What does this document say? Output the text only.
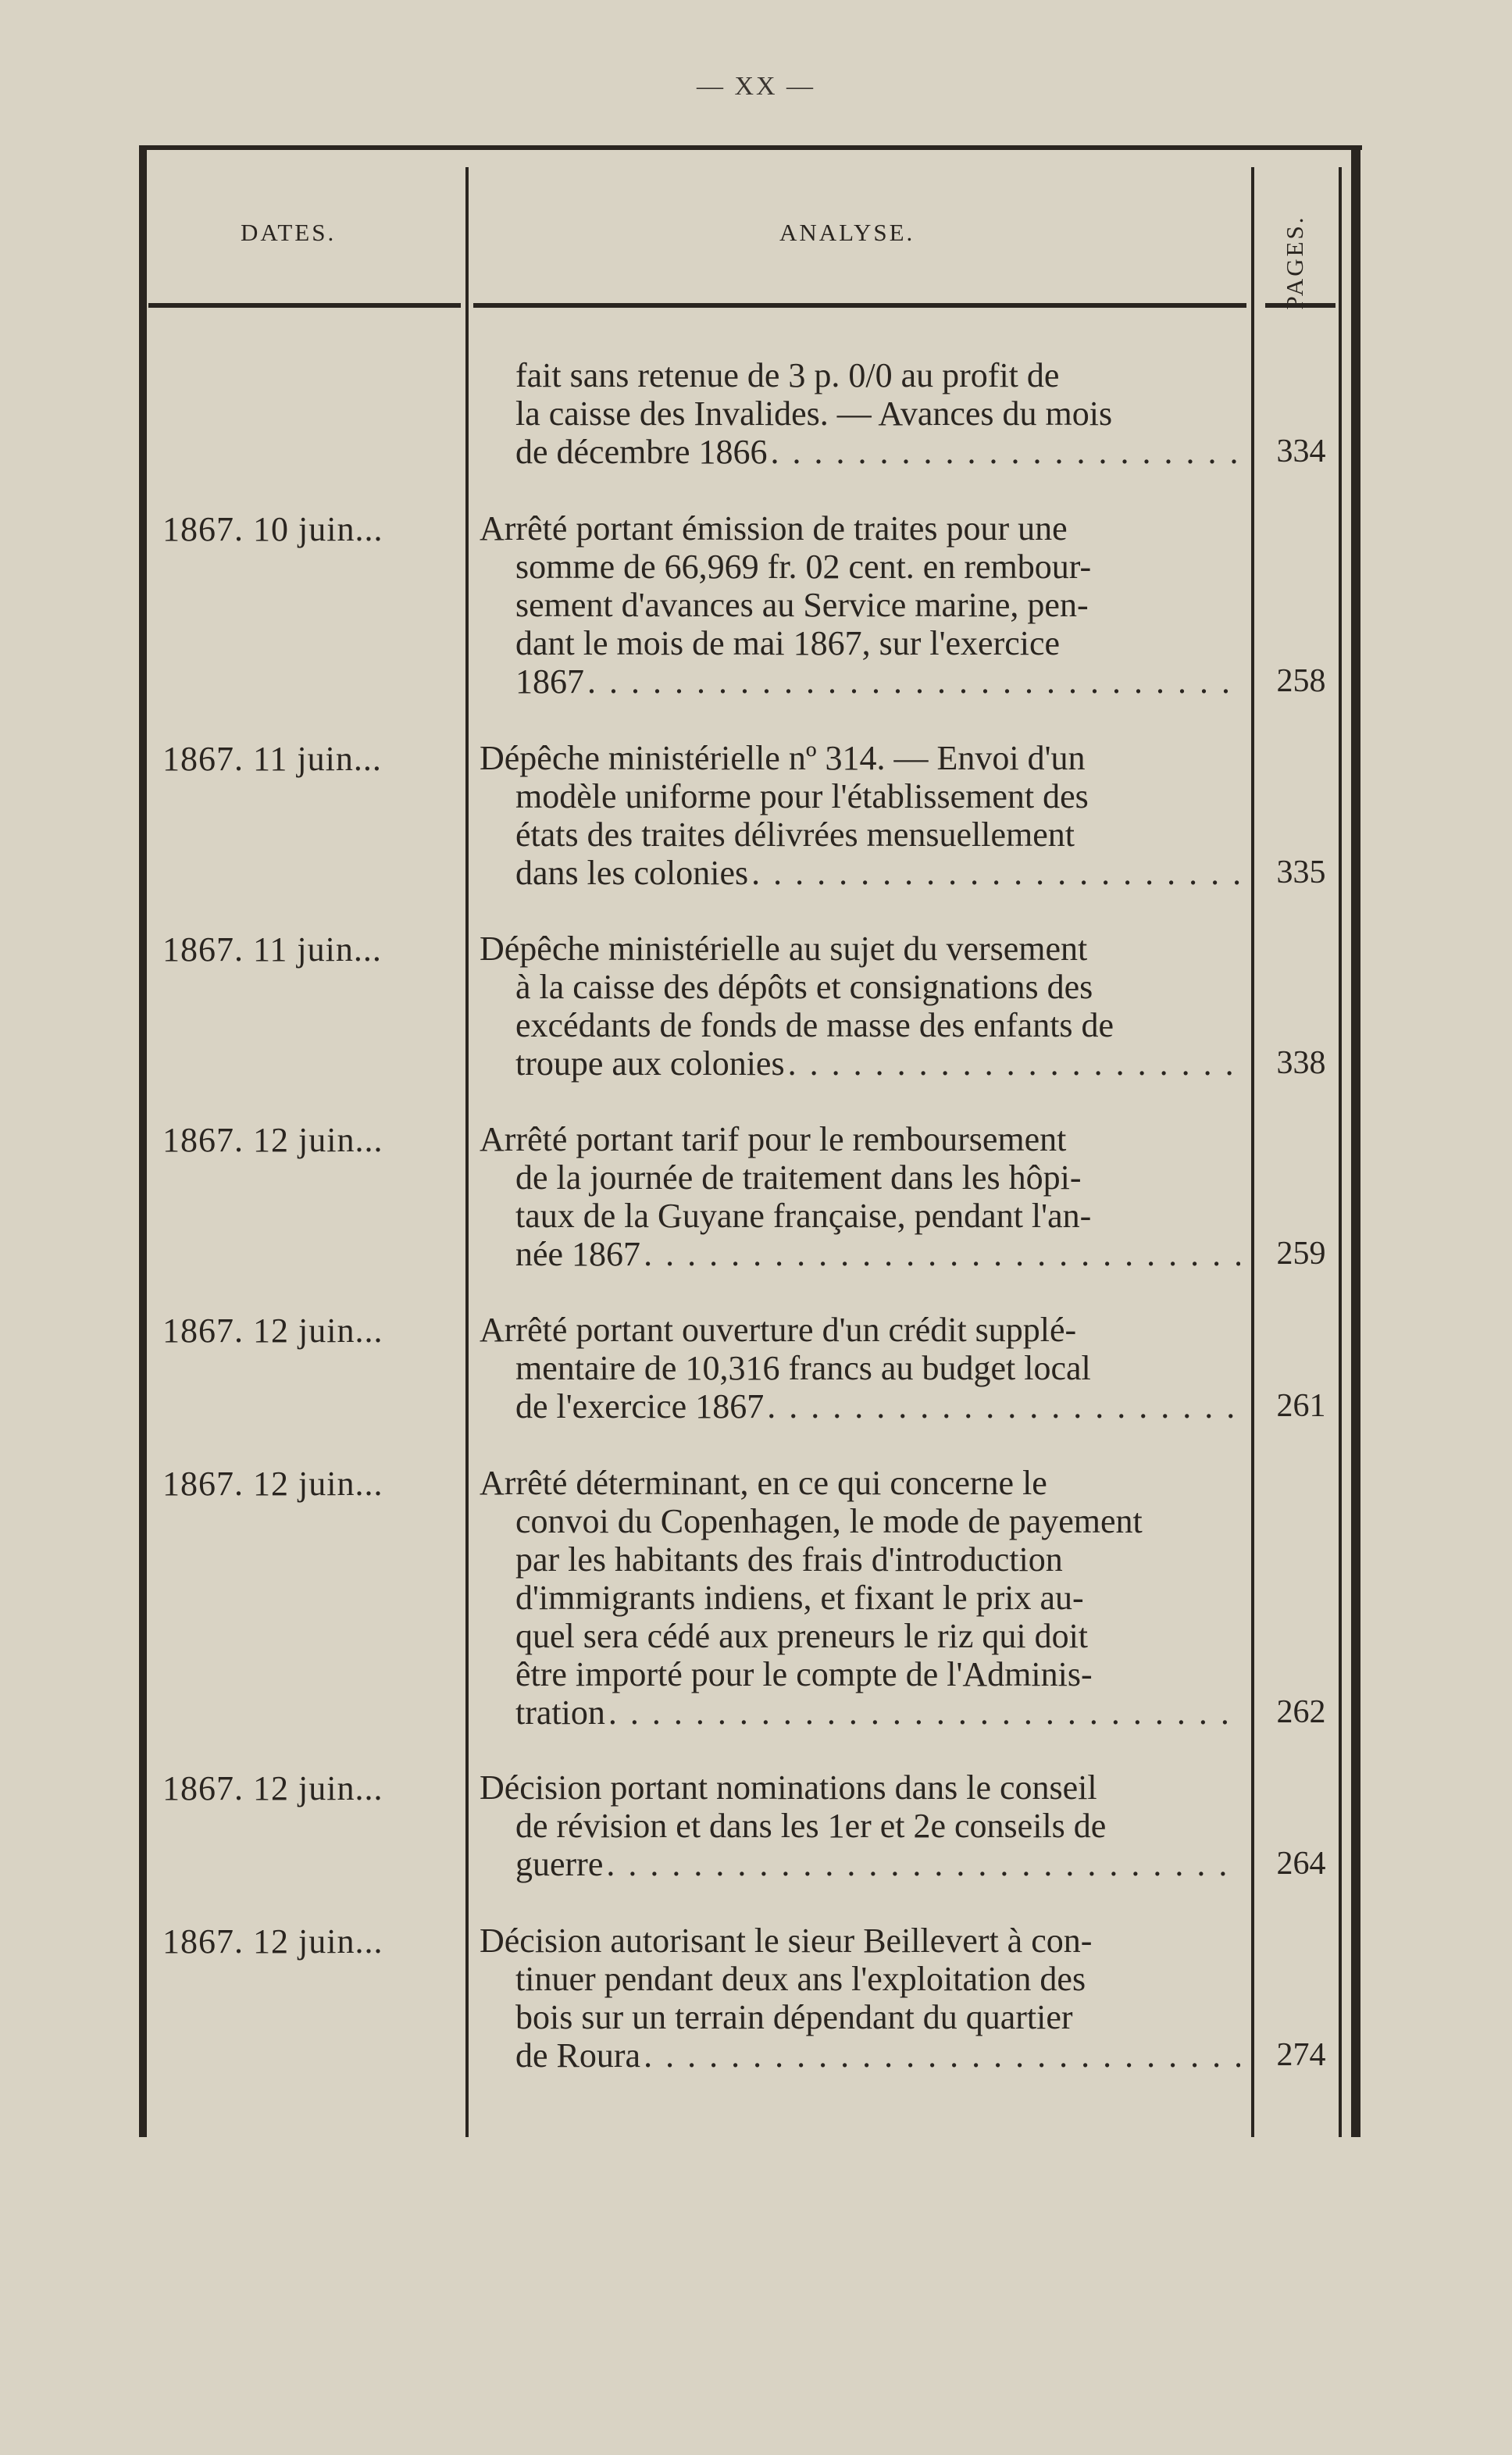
— XX —
DATES.	ANALYSE.	PAGES.
fait sans retenue de 3 p. 0/0 au profit de
la caisse des Invalides. — Avances du mois
de décembre 1866 . . .	334
1867. 10 juin...	Arrêté portant émission de traites pour une
somme de 66,969 fr. 02 cent. en rembour-
sement d'avances au Service marine, pen-
dant le mois de mai 1867, sur l'exercice
1867 . . .	258
1867. 11 juin...	Dépêche ministérielle nº 314. — Envoi d'un
modèle uniforme pour l'établissement des
états des traites délivrées mensuellement
dans les colonies . . .	335
1867. 11 juin...	Dépêche ministérielle au sujet du versement
à la caisse des dépôts et consignations des
excédants de fonds de masse des enfants de
troupe aux colonies . . .	338
1867. 12 juin...	Arrêté portant tarif pour le remboursement
de la journée de traitement dans les hôpi-
taux de la Guyane française, pendant l'an-
née 1867 . . .	259
1867. 12 juin...	Arrêté portant ouverture d'un crédit supplé-
mentaire de 10,316 francs au budget local
de l'exercice 1867 . . .	261
1867. 12 juin...	Arrêté déterminant, en ce qui concerne le
convoi du Copenhagen, le mode de payement
par les habitants des frais d'introduction
d'immigrants indiens, et fixant le prix au-
quel sera cédé aux preneurs le riz qui doit
être importé pour le compte de l'Adminis-
tration . . .	262
1867. 12 juin...	Décision portant nominations dans le conseil
de révision et dans les 1er et 2e conseils de
guerre . . .	264
1867. 12 juin...	Décision autorisant le sieur Beillevert à con-
tinuer pendant deux ans l'exploitation des
bois sur un terrain dépendant du quartier
de Roura . . .	274
